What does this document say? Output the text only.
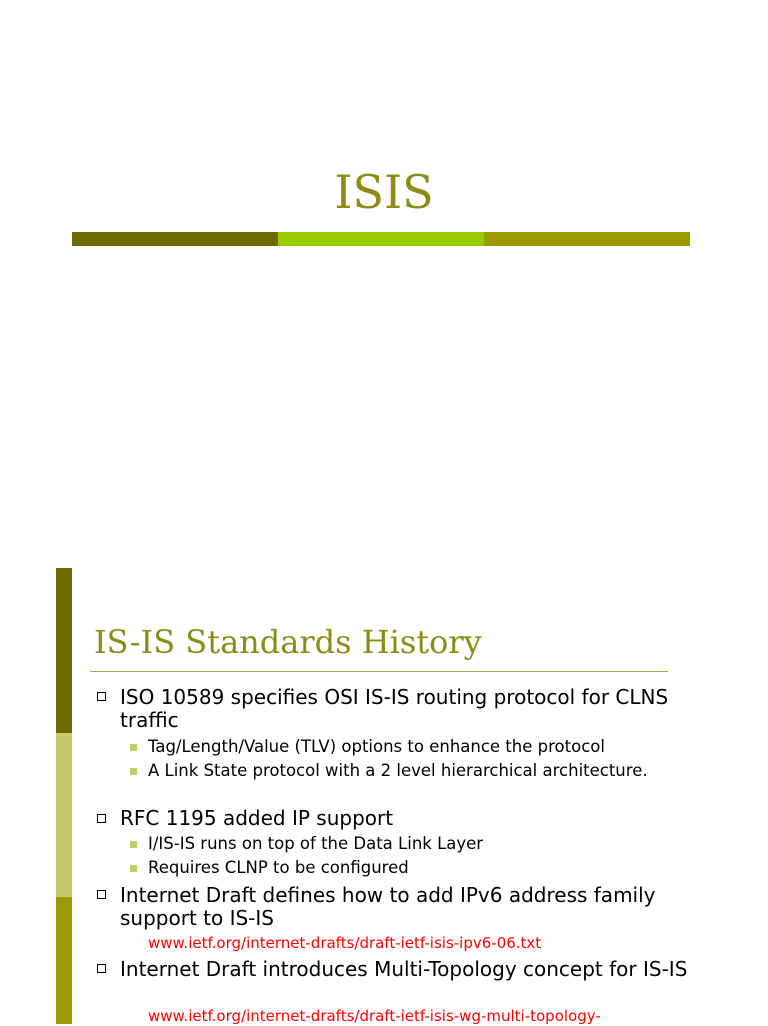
ISIS
IS-IS Standards History
ISO 10589 specifies OSI IS-IS routing protocol for CLNS traffic
Tag/Length/Value (TLV) options to enhance the protocol
A Link State protocol with a 2 level hierarchical architecture.
RFC 1195 added IP support
I/IS-IS runs on top of the Data Link Layer
Requires CLNP to be configured
Internet Draft defines how to add IPv6 address family support to IS-IS
www.ietf.org/internet-drafts/draft-ietf-isis-ipv6-06.txt
Internet Draft introduces Multi-Topology concept for IS-IS
www.ietf.org/internet-drafts/draft-ietf-isis-wg-multi-topology-
